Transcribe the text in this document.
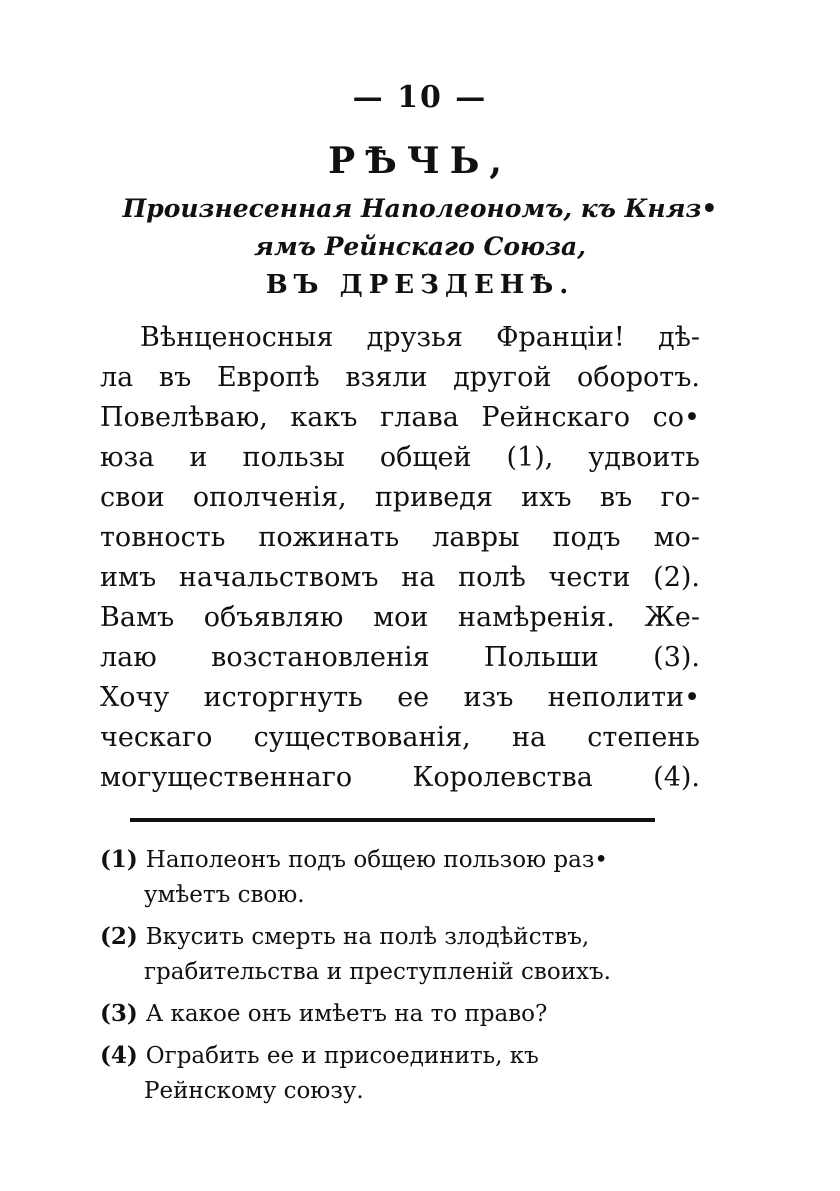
— 10 —
РѢЧЬ,
Произнесенная Наполеономъ, къ Княз•
ямъ Рейнскаго Союза,
ВЪ ДРЕЗДЕНѢ.
Вѣнценосныя друзья Франціи! дѣ-
ла въ Европѣ взяли другой оборотъ.
Повелѣваю, какъ глава Рейнскаго со•
юза и пользы общей (1), удвоить
свои ополченія, приведя ихъ въ го-
товность пожинать лавры подъ мо-
имъ начальствомъ на полѣ чести (2).
Вамъ объявляю мои намѣренія. Же-
лаю возстановленія Польши (3).
Хочу исторгнуть ее изъ неполити•
ческаго существованія, на степень
могущественнаго Королевства (4).
(1) Наполеонъ подъ общею пользою раз•
умѣетъ свою.
(2) Вкусить смерть на полѣ злодѣйствъ,
грабительства и преступленій своихъ.
(3) А какое онъ имѣетъ на то право?
(4) Ограбить ее и присоединить, къ
Рейнскому союзу.
